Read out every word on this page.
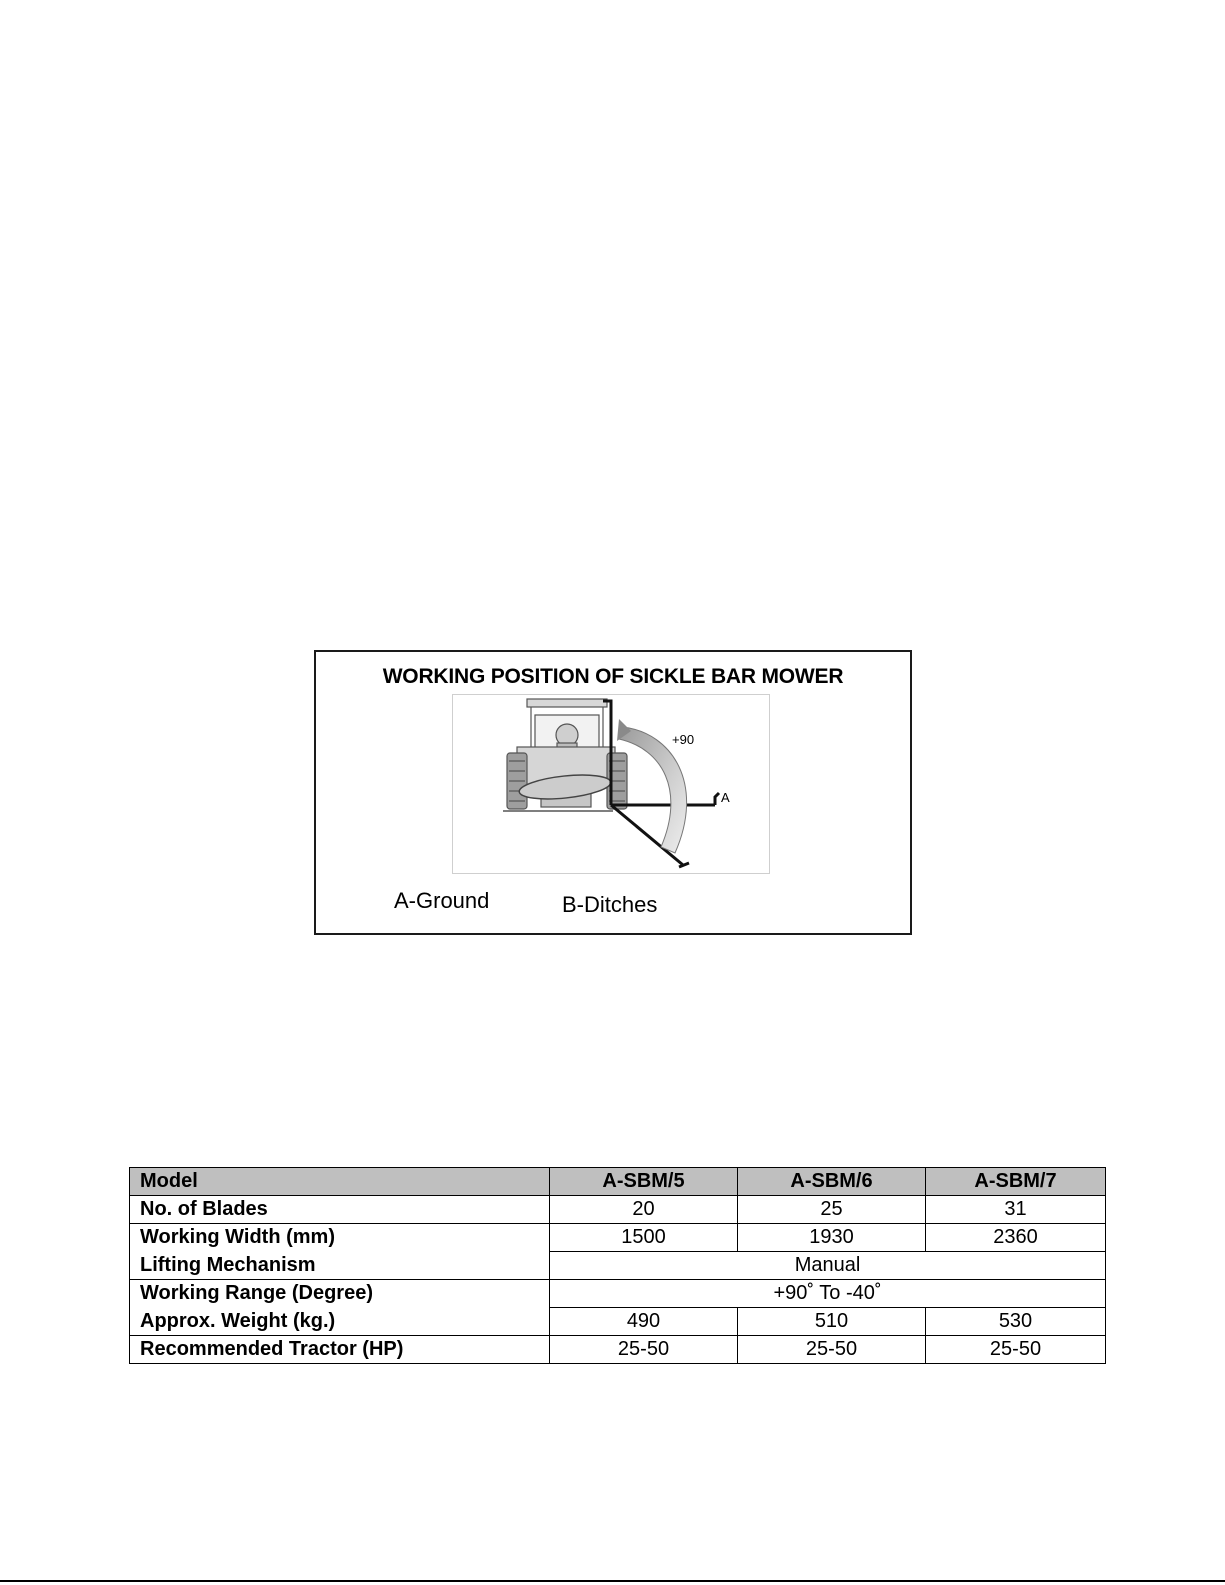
WORKING POSITION OF SICKLE BAR MOWER
+90
A
A-Ground	B-Ditches
Model	A-SBM/5	A-SBM/6	A-SBM/7
No. of Blades	20	25	31
Working Width (mm)	1500	1930	2360
Lifting Mechanism	Manual		
Working Range (Degree)	+90˚ To -40˚		
Approx. Weight (kg.)	490	510	530
Recommended Tractor (HP)	25-50	25-50	25-50
